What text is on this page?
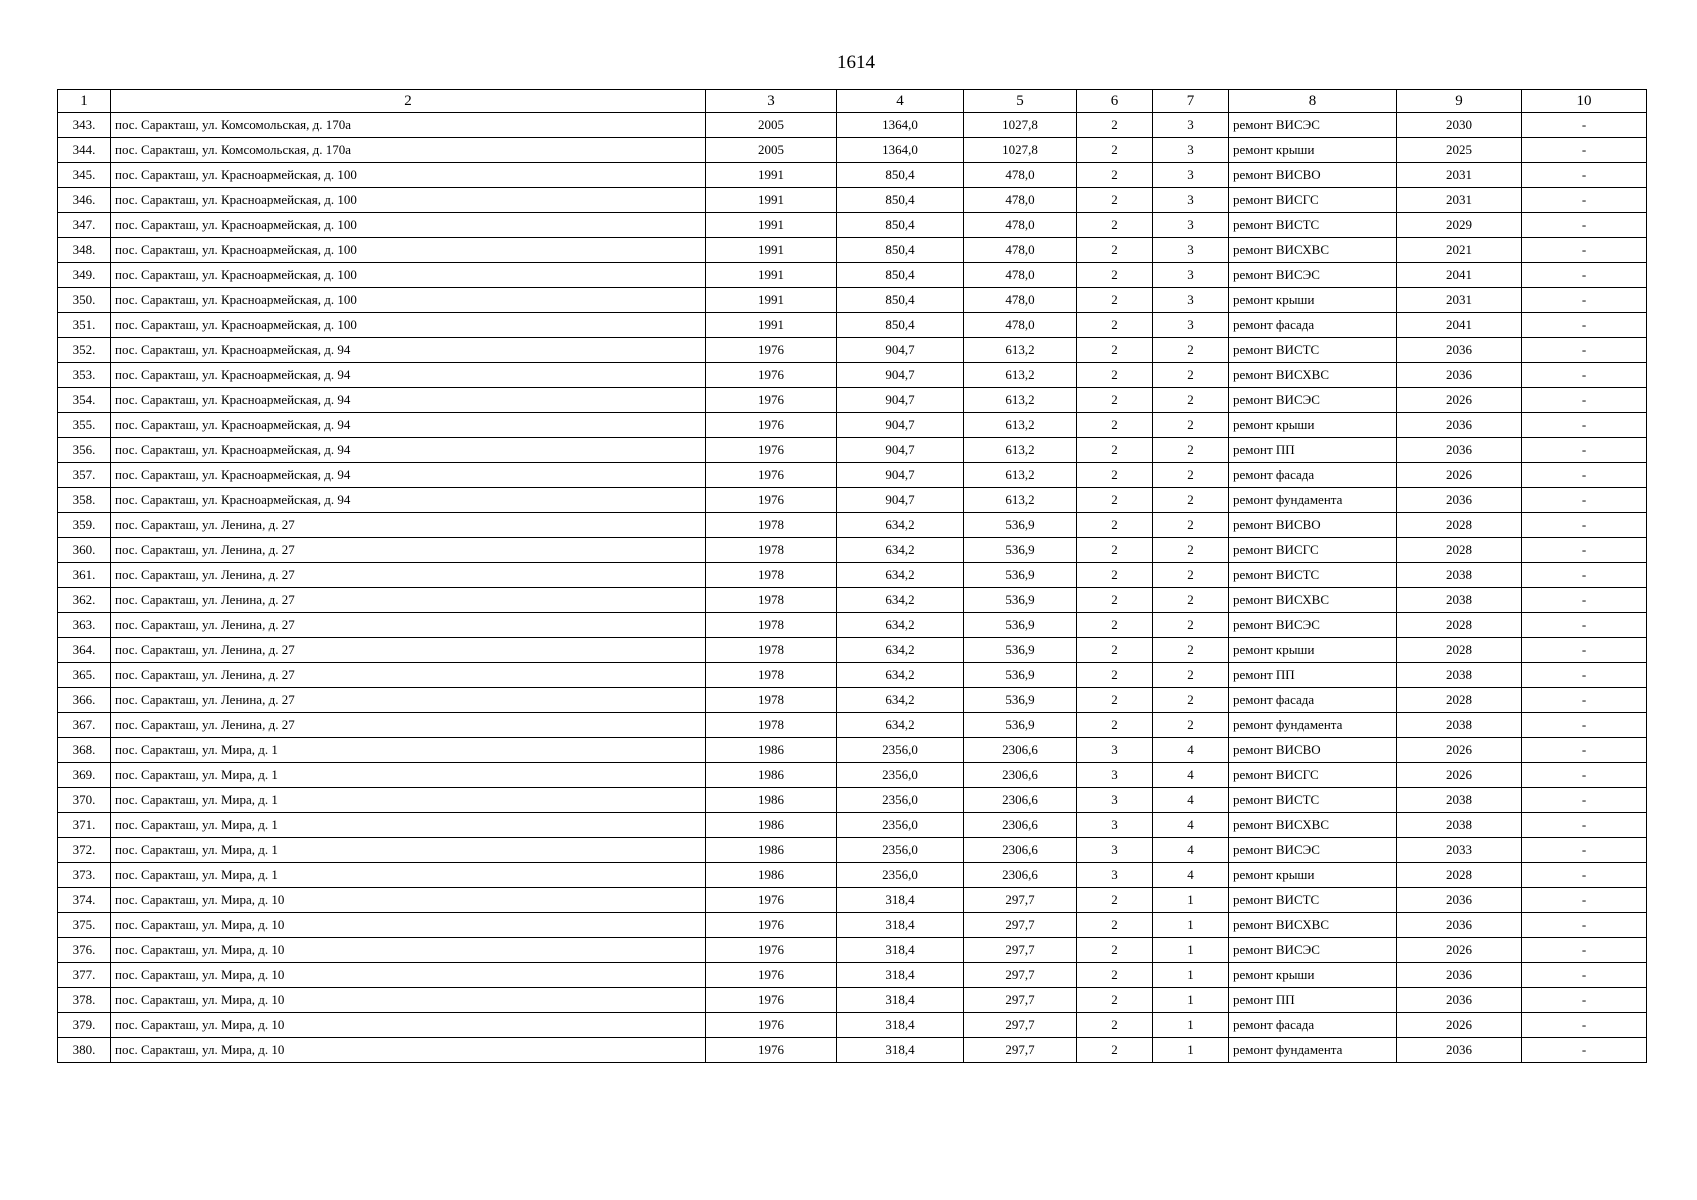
1614
1	2	3	4	5	6	7	8	9	10
343.	пос. Саракташ, ул. Комсомольская, д. 170а	2005	1364,0	1027,8	2	3	ремонт ВИСЭС	2030	-
344.	пос. Саракташ, ул. Комсомольская, д. 170а	2005	1364,0	1027,8	2	3	ремонт крыши	2025	-
345.	пос. Саракташ, ул. Красноармейская, д. 100	1991	850,4	478,0	2	3	ремонт ВИСВО	2031	-
346.	пос. Саракташ, ул. Красноармейская, д. 100	1991	850,4	478,0	2	3	ремонт ВИСГС	2031	-
347.	пос. Саракташ, ул. Красноармейская, д. 100	1991	850,4	478,0	2	3	ремонт ВИСТС	2029	-
348.	пос. Саракташ, ул. Красноармейская, д. 100	1991	850,4	478,0	2	3	ремонт ВИСХВС	2021	-
349.	пос. Саракташ, ул. Красноармейская, д. 100	1991	850,4	478,0	2	3	ремонт ВИСЭС	2041	-
350.	пос. Саракташ, ул. Красноармейская, д. 100	1991	850,4	478,0	2	3	ремонт крыши	2031	-
351.	пос. Саракташ, ул. Красноармейская, д. 100	1991	850,4	478,0	2	3	ремонт фасада	2041	-
352.	пос. Саракташ, ул. Красноармейская, д. 94	1976	904,7	613,2	2	2	ремонт ВИСТС	2036	-
353.	пос. Саракташ, ул. Красноармейская, д. 94	1976	904,7	613,2	2	2	ремонт ВИСХВС	2036	-
354.	пос. Саракташ, ул. Красноармейская, д. 94	1976	904,7	613,2	2	2	ремонт ВИСЭС	2026	-
355.	пос. Саракташ, ул. Красноармейская, д. 94	1976	904,7	613,2	2	2	ремонт крыши	2036	-
356.	пос. Саракташ, ул. Красноармейская, д. 94	1976	904,7	613,2	2	2	ремонт ПП	2036	-
357.	пос. Саракташ, ул. Красноармейская, д. 94	1976	904,7	613,2	2	2	ремонт фасада	2026	-
358.	пос. Саракташ, ул. Красноармейская, д. 94	1976	904,7	613,2	2	2	ремонт фундамента	2036	-
359.	пос. Саракташ, ул. Ленина, д. 27	1978	634,2	536,9	2	2	ремонт ВИСВО	2028	-
360.	пос. Саракташ, ул. Ленина, д. 27	1978	634,2	536,9	2	2	ремонт ВИСГС	2028	-
361.	пос. Саракташ, ул. Ленина, д. 27	1978	634,2	536,9	2	2	ремонт ВИСТС	2038	-
362.	пос. Саракташ, ул. Ленина, д. 27	1978	634,2	536,9	2	2	ремонт ВИСХВС	2038	-
363.	пос. Саракташ, ул. Ленина, д. 27	1978	634,2	536,9	2	2	ремонт ВИСЭС	2028	-
364.	пос. Саракташ, ул. Ленина, д. 27	1978	634,2	536,9	2	2	ремонт крыши	2028	-
365.	пос. Саракташ, ул. Ленина, д. 27	1978	634,2	536,9	2	2	ремонт ПП	2038	-
366.	пос. Саракташ, ул. Ленина, д. 27	1978	634,2	536,9	2	2	ремонт фасада	2028	-
367.	пос. Саракташ, ул. Ленина, д. 27	1978	634,2	536,9	2	2	ремонт фундамента	2038	-
368.	пос. Саракташ, ул. Мира, д. 1	1986	2356,0	2306,6	3	4	ремонт ВИСВО	2026	-
369.	пос. Саракташ, ул. Мира, д. 1	1986	2356,0	2306,6	3	4	ремонт ВИСГС	2026	-
370.	пос. Саракташ, ул. Мира, д. 1	1986	2356,0	2306,6	3	4	ремонт ВИСТС	2038	-
371.	пос. Саракташ, ул. Мира, д. 1	1986	2356,0	2306,6	3	4	ремонт ВИСХВС	2038	-
372.	пос. Саракташ, ул. Мира, д. 1	1986	2356,0	2306,6	3	4	ремонт ВИСЭС	2033	-
373.	пос. Саракташ, ул. Мира, д. 1	1986	2356,0	2306,6	3	4	ремонт крыши	2028	-
374.	пос. Саракташ, ул. Мира, д. 10	1976	318,4	297,7	2	1	ремонт ВИСТС	2036	-
375.	пос. Саракташ, ул. Мира, д. 10	1976	318,4	297,7	2	1	ремонт ВИСХВС	2036	-
376.	пос. Саракташ, ул. Мира, д. 10	1976	318,4	297,7	2	1	ремонт ВИСЭС	2026	-
377.	пос. Саракташ, ул. Мира, д. 10	1976	318,4	297,7	2	1	ремонт крыши	2036	-
378.	пос. Саракташ, ул. Мира, д. 10	1976	318,4	297,7	2	1	ремонт ПП	2036	-
379.	пос. Саракташ, ул. Мира, д. 10	1976	318,4	297,7	2	1	ремонт фасада	2026	-
380.	пос. Саракташ, ул. Мира, д. 10	1976	318,4	297,7	2	1	ремонт фундамента	2036	-
